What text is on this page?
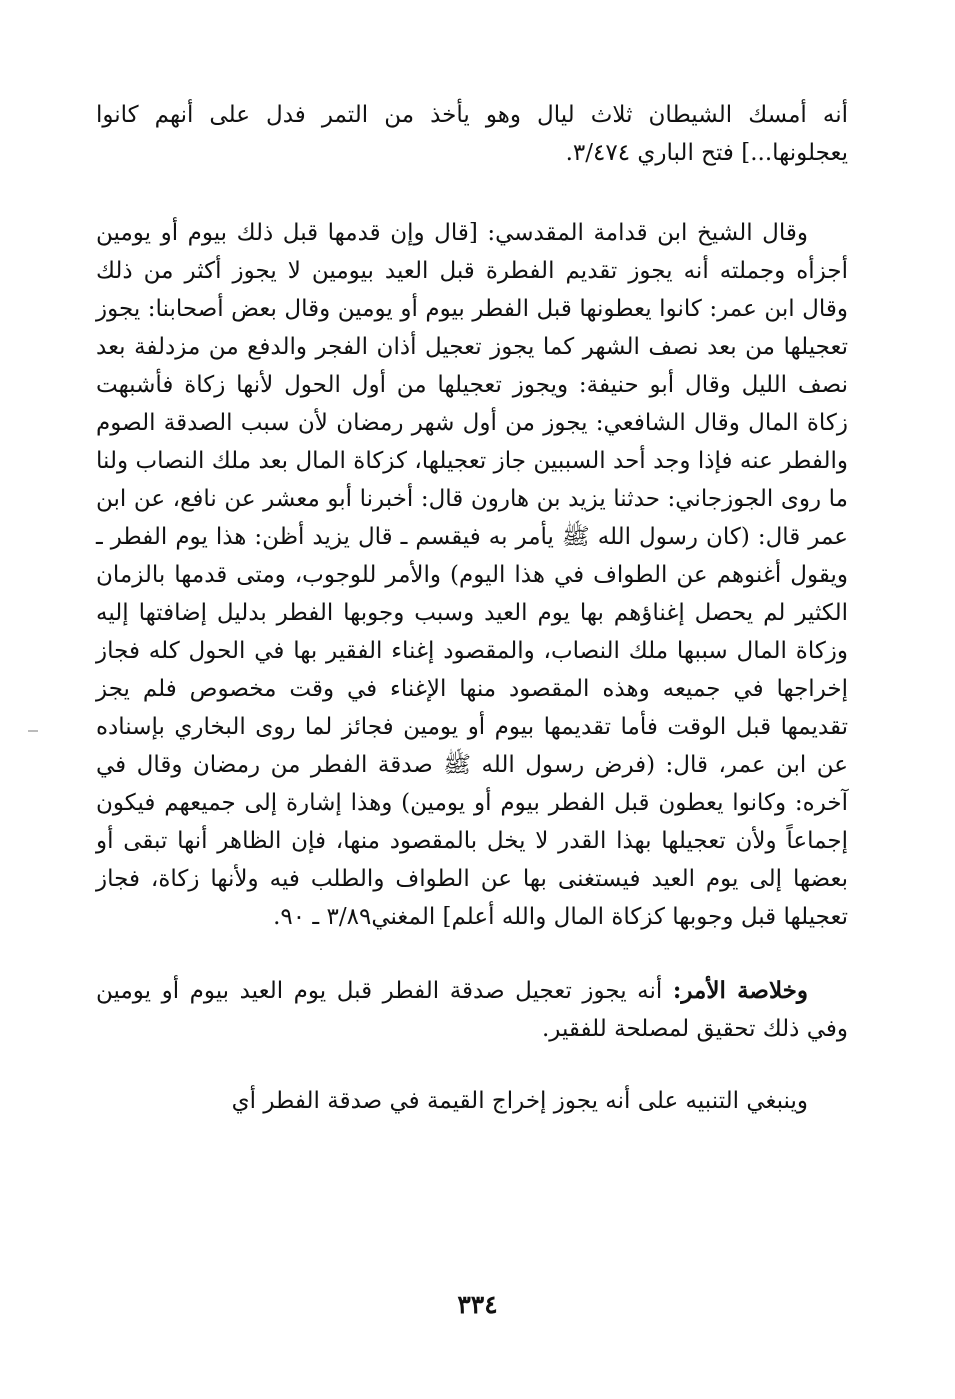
أنه أمسك الشيطان ثلاث ليال وهو يأخذ من التمر فدل على أنهم كانوا يعجلونها...] فتح الباري ٣/٤٧٤.

وقال الشيخ ابن قدامة المقدسي: [قال وإن قدمها قبل ذلك بيوم أو يومين أجزأه وجملته أنه يجوز تقديم الفطرة قبل العيد بيومين لا يجوز أكثر من ذلك وقال ابن عمر: كانوا يعطونها قبل الفطر بيوم أو يومين وقال بعض أصحابنا: يجوز تعجيلها من بعد نصف الشهر كما يجوز تعجيل أذان الفجر والدفع من مزدلفة بعد نصف الليل وقال أبو حنيفة: ويجوز تعجيلها من أول الحول لأنها زكاة فأشبهت زكاة المال وقال الشافعي: يجوز من أول شهر رمضان لأن سبب الصدقة الصوم والفطر عنه فإذا وجد أحد السببين جاز تعجيلها، كزكاة المال بعد ملك النصاب ولنا ما روى الجوزجاني: حدثنا يزيد بن هارون قال: أخبرنا أبو معشر عن نافع، عن ابن عمر قال: (كان رسول الله ﷺ يأمر به فيقسم ـ قال يزيد أظن: هذا يوم الفطر ـ ويقول أغنوهم عن الطواف في هذا اليوم) والأمر للوجوب، ومتى قدمها بالزمان الكثير لم يحصل إغناؤهم بها يوم العيد وسبب وجوبها الفطر بدليل إضافتها إليه وزكاة المال سببها ملك النصاب، والمقصود إغناء الفقير بها في الحول كله فجاز إخراجها في جميعه وهذه المقصود منها الإغناء في وقت مخصوص فلم يجز تقديمها قبل الوقت فأما تقديمها بيوم أو يومين فجائز لما روى البخاري بإسناده عن ابن عمر، قال: (فرض رسول الله ﷺ صدقة الفطر من رمضان وقال في آخره: وكانوا يعطون قبل الفطر بيوم أو يومين) وهذا إشارة إلى جميعهم فيكون إجماعاً ولأن تعجيلها بهذا القدر لا يخل بالمقصود منها، فإن الظاهر أنها تبقى أو بعضها إلى يوم العيد فيستغنى بها عن الطواف والطلب فيه ولأنها زكاة، فجاز تعجيلها قبل وجوبها كزكاة المال والله أعلم] المغني٣/٨٩ ـ ٩٠.

وخلاصة الأمر: أنه يجوز تعجيل صدقة الفطر قبل يوم العيد بيوم أو يومين وفي ذلك تحقيق لمصلحة للفقير.

وينبغي التنبيه على أنه يجوز إخراج القيمة في صدقة الفطر أي

٣٣٤
